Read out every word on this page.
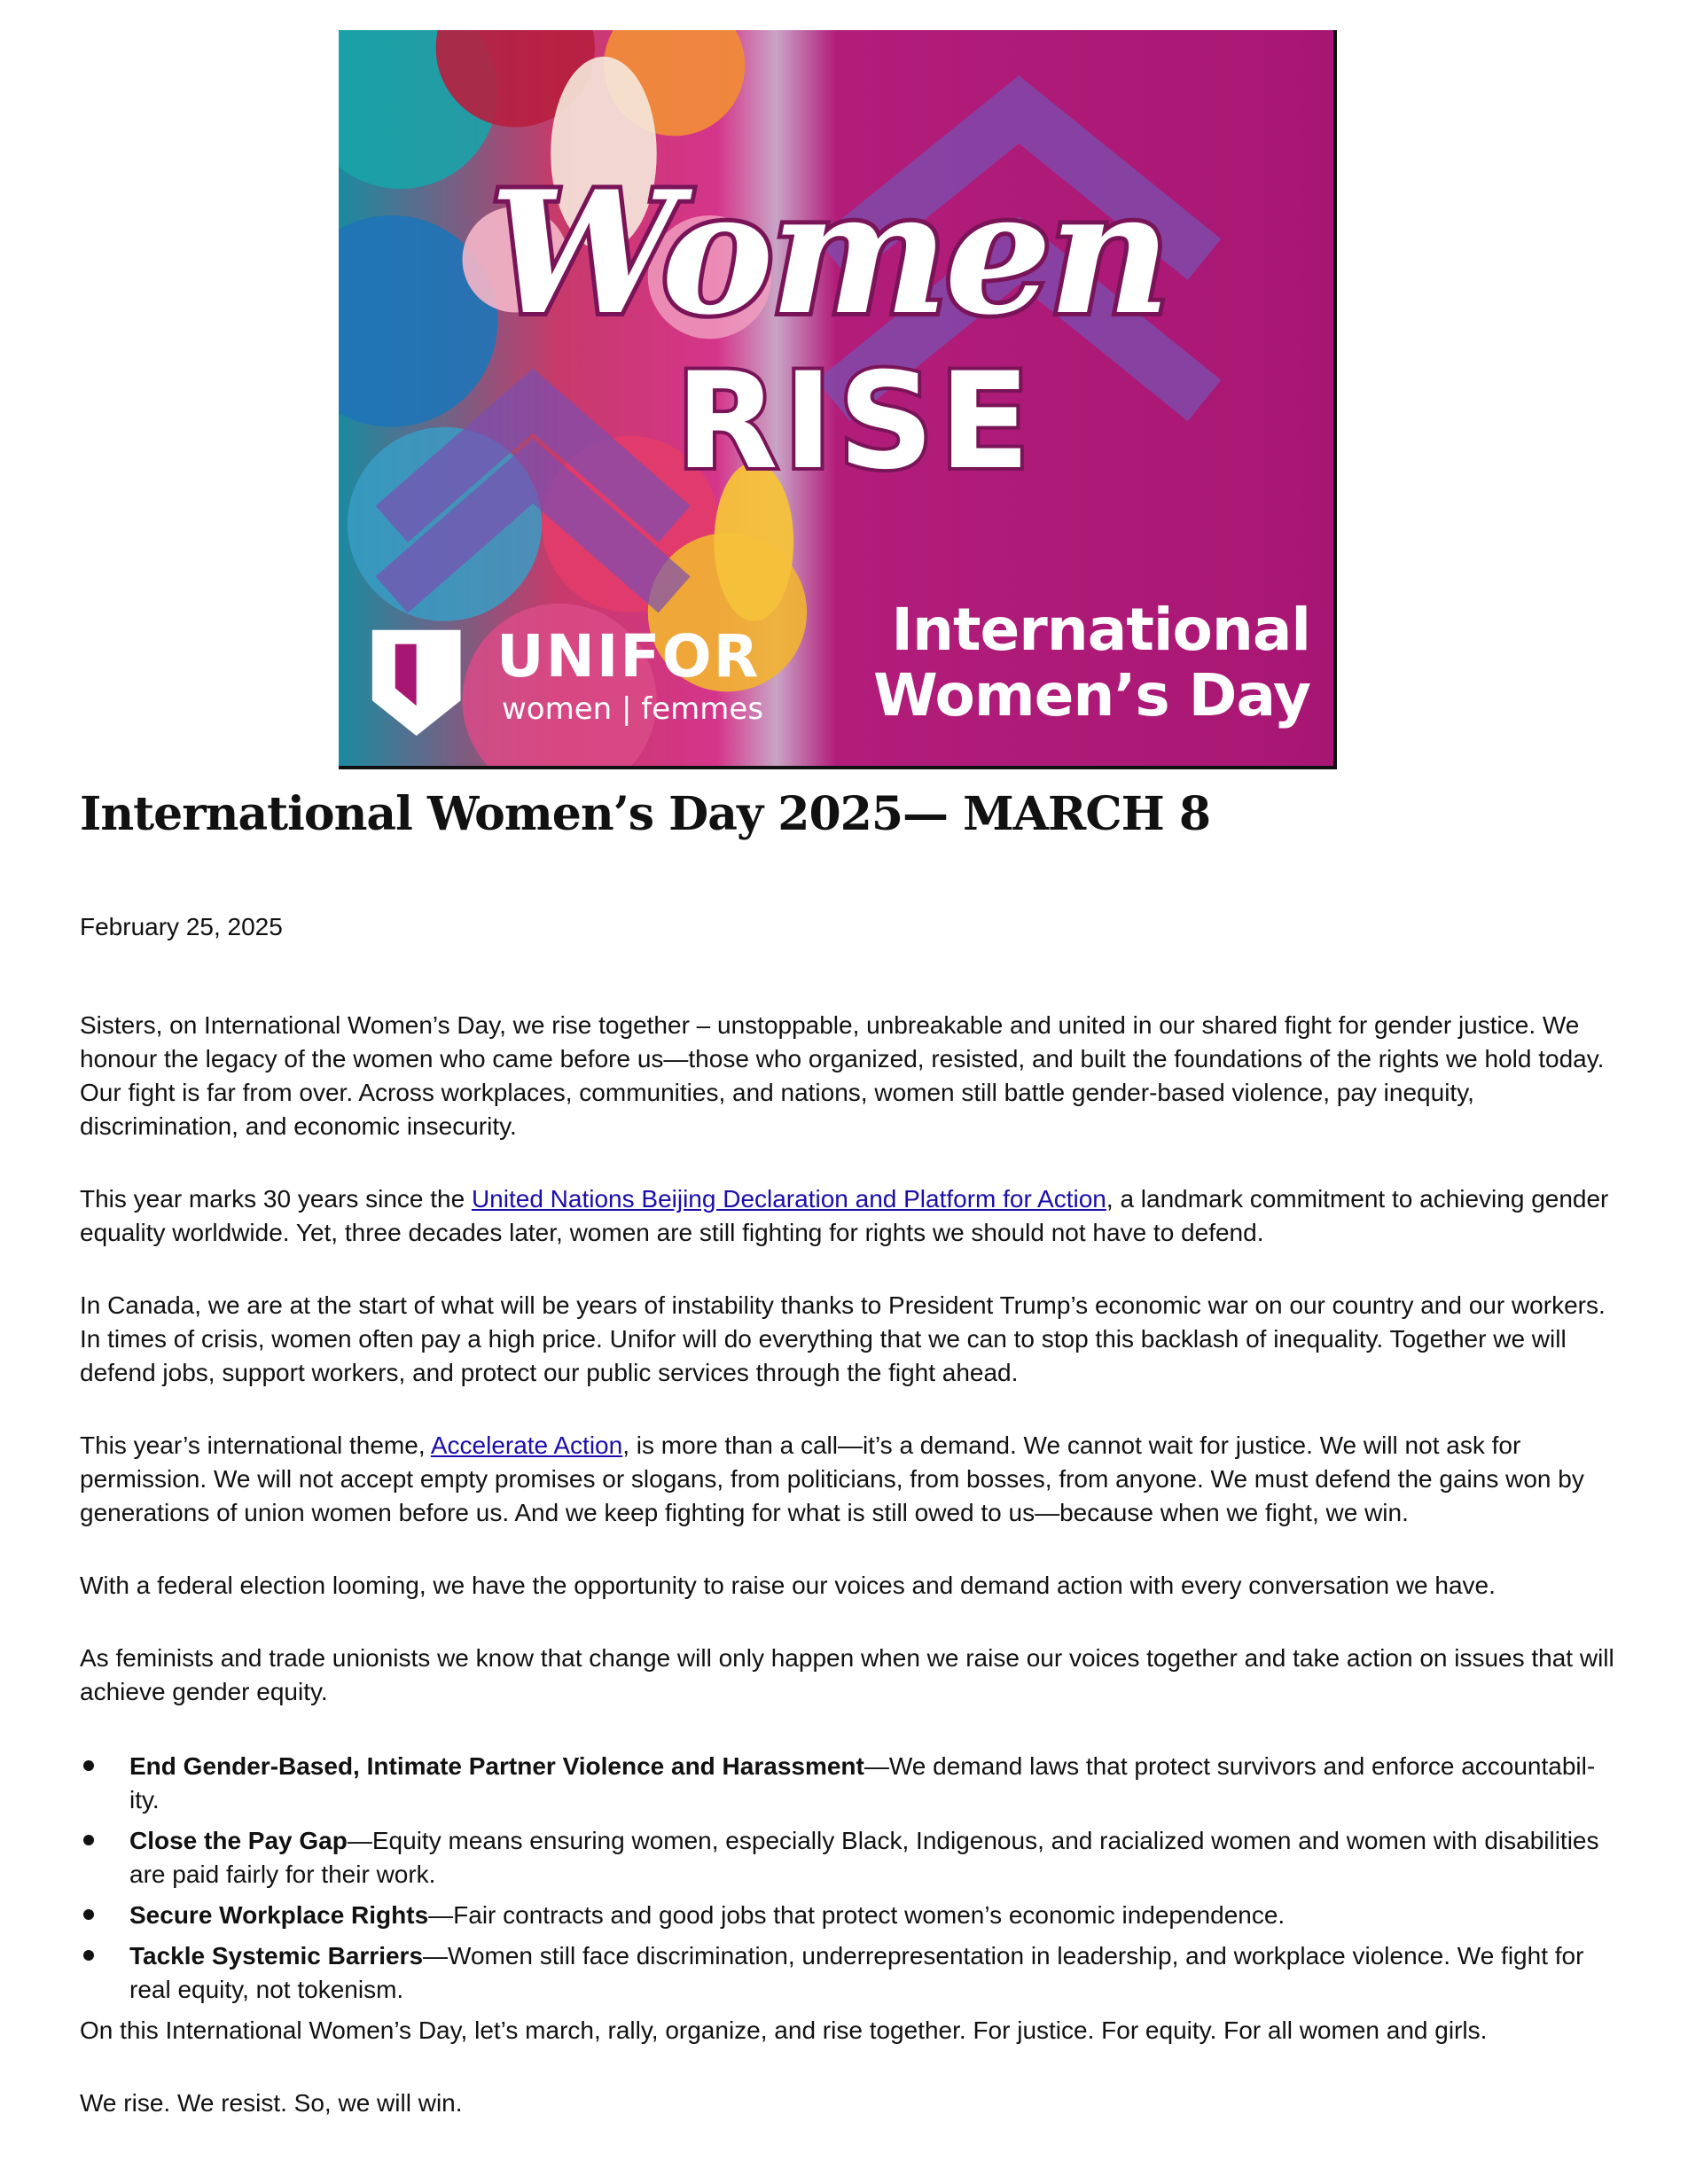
Women
RISE
International
Women’s Day
UNIFOR
women | femmes
International Women’s Day 2025— MARCH 8
February 25, 2025

Sisters, on International Women’s Day, we rise together – unstoppable, unbreakable and united in our shared fight for gender justice. We honour the legacy of the women who came before us—those who organized, resisted, and built the foundations of the rights we hold today. Our fight is far from over. Across workplaces, communities, and nations, women still battle gender-based violence, pay inequity, discrimination, and economic insecurity.

This year marks 30 years since the United Nations Beijing Declaration and Platform for Action, a landmark commitment to achieving gender equality worldwide. Yet, three decades later, women are still fighting for rights we should not have to defend.

In Canada, we are at the start of what will be years of instability thanks to President Trump’s economic war on our country and our workers. In times of crisis, women often pay a high price. Unifor will do everything that we can to stop this backlash of inequality. Together we will defend jobs, support workers, and protect our public services through the fight ahead.

This year’s international theme, Accelerate Action, is more than a call—it’s a demand. We cannot wait for justice. We will not ask for permission. We will not accept empty promises or slogans, from politicians, from bosses, from anyone. We must defend the gains won by generations of union women before us. And we keep fighting for what is still owed to us—because when we fight, we win.

With a federal election looming, we have the opportunity to raise our voices and demand action with every conversation we have.

As feminists and trade unionists we know that change will only happen when we raise our voices together and take action on issues that will achieve gender equity.

End Gender-Based, Intimate Partner Violence and Harassment—We demand laws that protect survivors and enforce accountabil-ity.
Close the Pay Gap—Equity means ensuring women, especially Black, Indigenous, and racialized women and women with disabilities are paid fairly for their work.
Secure Workplace Rights—Fair contracts and good jobs that protect women’s economic independence.
Tackle Systemic Barriers—Women still face discrimination, underrepresentation in leadership, and workplace violence. We fight for real equity, not tokenism.

On this International Women’s Day, let’s march, rally, organize, and rise together. For justice. For equity. For all women and girls.

We rise. We resist. So, we will win.
